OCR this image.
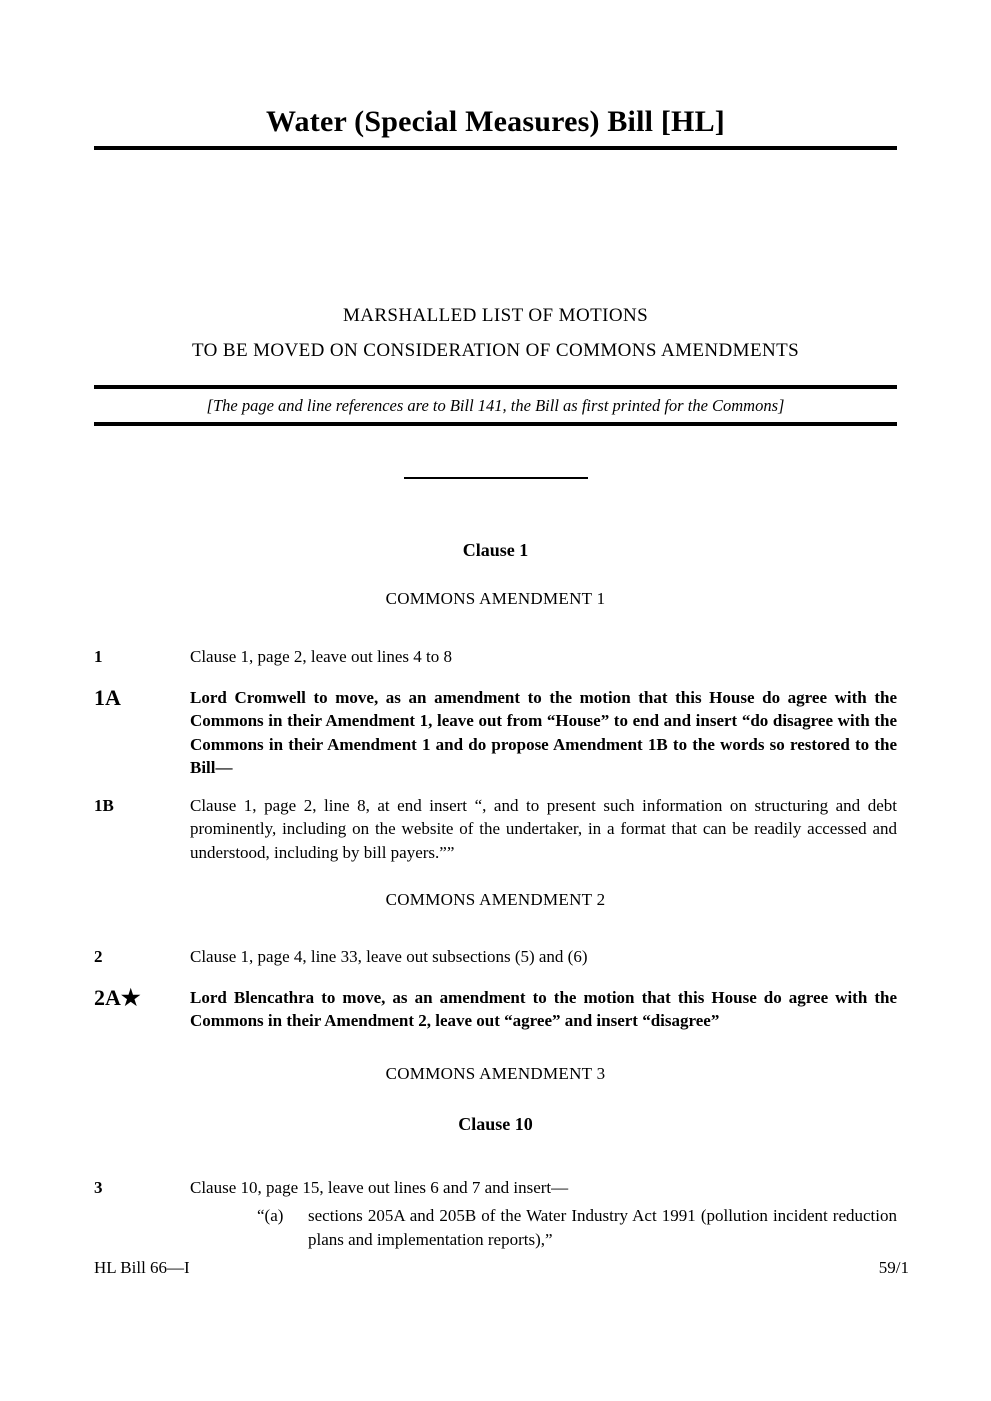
Water (Special Measures) Bill [HL]
MARSHALLED LIST OF MOTIONS
TO BE MOVED ON CONSIDERATION OF COMMONS AMENDMENTS
[The page and line references are to Bill 141, the Bill as first printed for the Commons]
Clause 1
COMMONS AMENDMENT 1
1	Clause 1, page 2, leave out lines 4 to 8
1A	Lord Cromwell to move, as an amendment to the motion that this House do agree with the Commons in their Amendment 1, leave out from “House” to end and insert “do disagree with the Commons in their Amendment 1 and do propose Amendment 1B to the words so restored to the Bill—
1B	Clause 1, page 2, line 8, at end insert “, and to present such information on structuring and debt prominently, including on the website of the undertaker, in a format that can be readily accessed and understood, including by bill payers.””
COMMONS AMENDMENT 2
2	Clause 1, page 4, line 33, leave out subsections (5) and (6)
2A★	Lord Blencathra to move, as an amendment to the motion that this House do agree with the Commons in their Amendment 2, leave out “agree” and insert “disagree”
COMMONS AMENDMENT 3
Clause 10
3	Clause 10, page 15, leave out lines 6 and 7 and insert—
“(a)	sections 205A and 205B of the Water Industry Act 1991 (pollution incident reduction plans and implementation reports),”
HL Bill 66—I	59/1
